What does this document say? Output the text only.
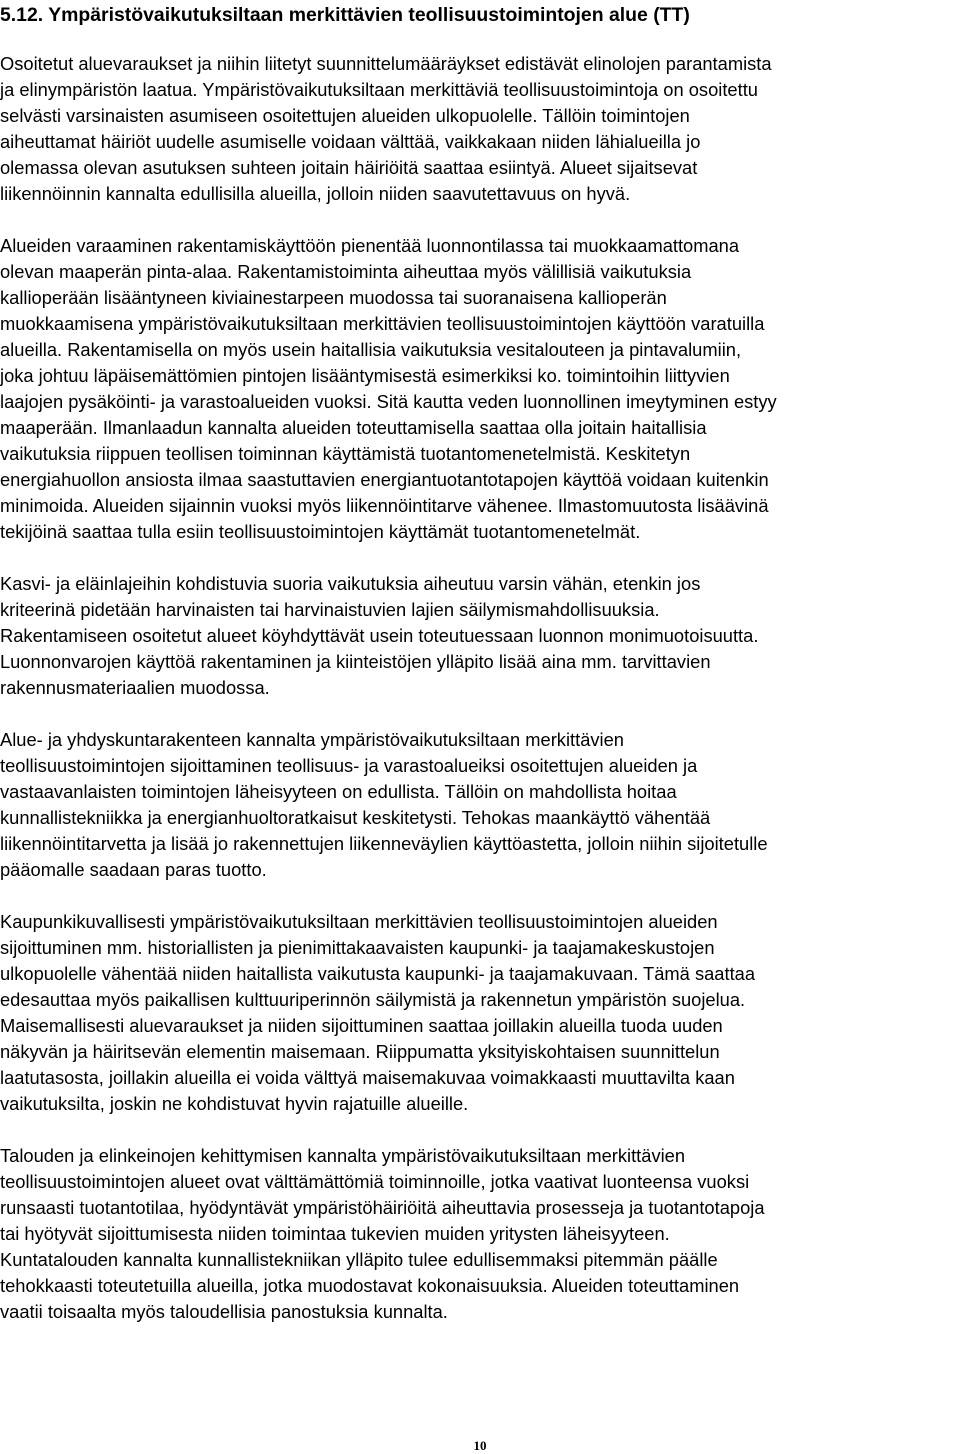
5.12. Ympäristövaikutuksiltaan merkittävien teollisuustoimintojen alue (TT)
Osoitetut aluevaraukset ja niihin liitetyt suunnittelumääräykset edistävät elinolojen parantamista
ja elinympäristön laatua. Ympäristövaikutuksiltaan merkittäviä teollisuustoimintoja on osoitettu
selvästi varsinaisten asumiseen osoitettujen alueiden ulkopuolelle. Tällöin toimintojen
aiheuttamat häiriöt uudelle asumiselle voidaan välttää, vaikkakaan niiden lähialueilla jo
olemassa olevan asutuksen suhteen joitain häiriöitä saattaa esiintyä. Alueet sijaitsevat
liikennöinnin kannalta edullisilla alueilla, jolloin niiden saavutettavuus on hyvä.
Alueiden varaaminen rakentamiskäyttöön pienentää luonnontilassa tai muokkaamattomana
olevan maaperän pinta-alaa. Rakentamistoiminta aiheuttaa myös välillisiä vaikutuksia
kallioperään lisääntyneen kiviainestarpeen muodossa tai suoranaisena kallioperän
muokkaamisena ympäristövaikutuksiltaan merkittävien teollisuustoimintojen käyttöön varatuilla
alueilla. Rakentamisella on myös usein haitallisia vaikutuksia vesitalouteen ja pintavalumiin,
joka johtuu läpäisemättömien pintojen lisääntymisestä esimerkiksi ko. toimintoihin liittyvien
laajojen pysäköinti- ja varastoalueiden vuoksi. Sitä kautta veden luonnollinen imeytyminen estyy
maaperään. Ilmanlaadun kannalta alueiden toteuttamisella saattaa olla joitain haitallisia
vaikutuksia riippuen teollisen toiminnan käyttämistä tuotantomenetelmistä. Keskitetyn
energiahuollon ansiosta ilmaa saastuttavien energiantuotantotapojen käyttöä voidaan kuitenkin
minimoida. Alueiden sijainnin vuoksi myös liikennöintitarve vähenee. Ilmastomuutosta lisäävinä
tekijöinä saattaa tulla esiin teollisuustoimintojen käyttämät tuotantomenetelmät.
Kasvi- ja eläinlajeihin kohdistuvia suoria vaikutuksia aiheutuu varsin vähän, etenkin jos
kriteerinä pidetään harvinaisten tai harvinaistuvien lajien säilymismahdollisuuksia.
Rakentamiseen osoitetut alueet köyhdyttävät usein toteutuessaan luonnon monimuotoisuutta.
Luonnonvarojen käyttöä rakentaminen ja kiinteistöjen ylläpito lisää aina mm. tarvittavien
rakennusmateriaalien muodossa.
Alue- ja yhdyskuntarakenteen kannalta ympäristövaikutuksiltaan merkittävien
teollisuustoimintojen sijoittaminen teollisuus- ja varastoalueiksi osoitettujen alueiden ja
vastaavanlaisten toimintojen läheisyyteen on edullista. Tällöin on mahdollista hoitaa
kunnallistekniikka ja energianhuoltoratkaisut keskitetysti. Tehokas maankäyttö vähentää
liikennöintitarvetta ja lisää jo rakennettujen liikenneväylien käyttöastetta, jolloin niihin sijoitetulle
pääomalle saadaan paras tuotto.
Kaupunkikuvallisesti ympäristövaikutuksiltaan merkittävien teollisuustoimintojen alueiden
sijoittuminen mm. historiallisten ja pienimittakaavaisten kaupunki- ja taajamakeskustojen
ulkopuolelle vähentää niiden haitallista vaikutusta kaupunki- ja taajamakuvaan. Tämä saattaa
edesauttaa myös paikallisen kulttuuriperinnön säilymistä ja rakennetun ympäristön suojelua.
Maisemallisesti aluevaraukset ja niiden sijoittuminen saattaa joillakin alueilla tuoda uuden
näkyvän ja häiritsevän elementin maisemaan. Riippumatta yksityiskohtaisen suunnittelun
laatutasosta, joillakin alueilla ei voida välttyä maisemakuvaa voimakkaasti muuttavilta kaan
vaikutuksilta, joskin ne kohdistuvat hyvin rajatuille alueille.
Talouden ja elinkeinojen kehittymisen kannalta ympäristövaikutuksiltaan merkittävien
teollisuustoimintojen alueet ovat välttämättömiä toiminnoille, jotka vaativat luonteensa vuoksi
runsaasti tuotantotilaa, hyödyntävät ympäristöhäiriöitä aiheuttavia prosesseja ja tuotantotapoja
tai hyötyvät sijoittumisesta niiden toimintaa tukevien muiden yritysten läheisyyteen.
Kuntatalouden kannalta kunnallistekniikan ylläpito tulee edullisemmaksi pitemmän päälle
tehokkaasti toteutetuilla alueilla, jotka muodostavat kokonaisuuksia. Alueiden toteuttaminen
vaatii toisaalta myös taloudellisia panostuksia kunnalta.
10
